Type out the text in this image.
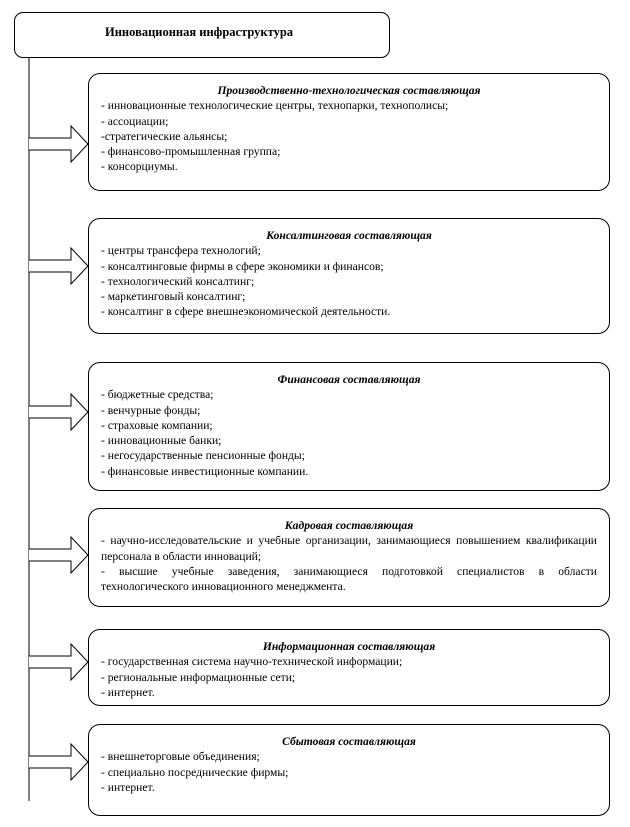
Инновационная инфраструктура
Производственно-технологическая составляющая
- инновационные технологические центры, технопарки, технополисы;
- ассоциации;
-стратегические альянсы;
- финансово-промышленная группа;
- консорциумы.
Консалтинговая составляющая
- центры трансфера технологий;
- консалтинговые фирмы в сфере экономики и финансов;
- технологический консалтинг;
- маркетинговый консалтинг;
- консалтинг в сфере внешнеэкономической деятельности.
Финансовая составляющая
- бюджетные средства;
- венчурные фонды;
- страховые компании;
- инновационные банки;
- негосударственные пенсионные фонды;
- финансовые инвестиционные компании.
Кадровая составляющая
- научно-исследовательские и учебные организации, занимающиеся повышением квалификации персонала в области инноваций;
- высшие учебные заведения, занимающиеся подготовкой специалистов в области технологического инновационного менеджмента.
Информационная составляющая
- государственная система научно-технической информации;
- региональные информационные сети;
- интернет.
Сбытовая составляющая
- внешнеторговые объединения;
- специально посреднические фирмы;
- интернет.
